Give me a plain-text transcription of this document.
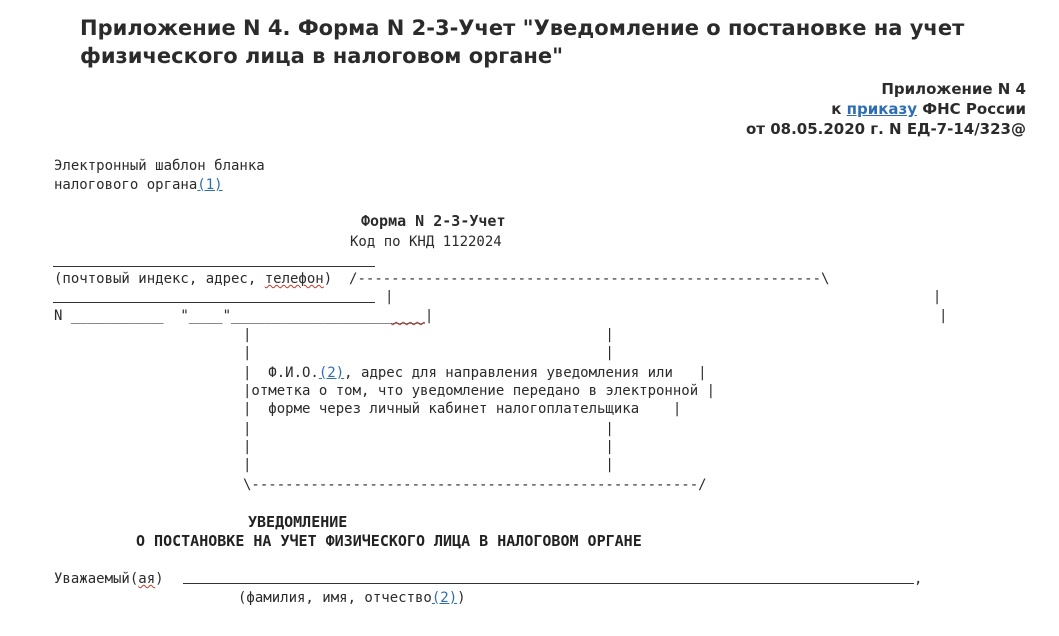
Приложение N 4. Форма N 2-3-Учет "Уведомление о постановке на учет физического лица в налоговом органе"
Приложение N 4
к приказу ФНС России
от 08.05.2020 г. N ЕД-7-14/323@
Электронный шаблон бланка
налогового органа(1)
Форма N 2-3-Учет
Код по КНД 1122024
(почтовый индекс, адрес, телефон)  /-------------------------------------------------------\
|                                                                |
N ___________  "____"_______________________|                                                            |
|                                          |
|                                          |
|  Ф.И.О.(2), адрес для направления уведомления или   |
|отметка о том, что уведомление передано в электронной |
|  форме через личный кабинет налогоплательщика    |
|                                          |
|                                          |
|                                          |
\-----------------------------------------------------/
УВЕДОМЛЕНИЕ
О ПОСТАНОВКЕ НА УЧЕТ ФИЗИЧЕСКОГО ЛИЦА В НАЛОГОВОМ ОРГАНЕ
Уважаемый(ая)	,
(фамилия, имя, отчество(2))
